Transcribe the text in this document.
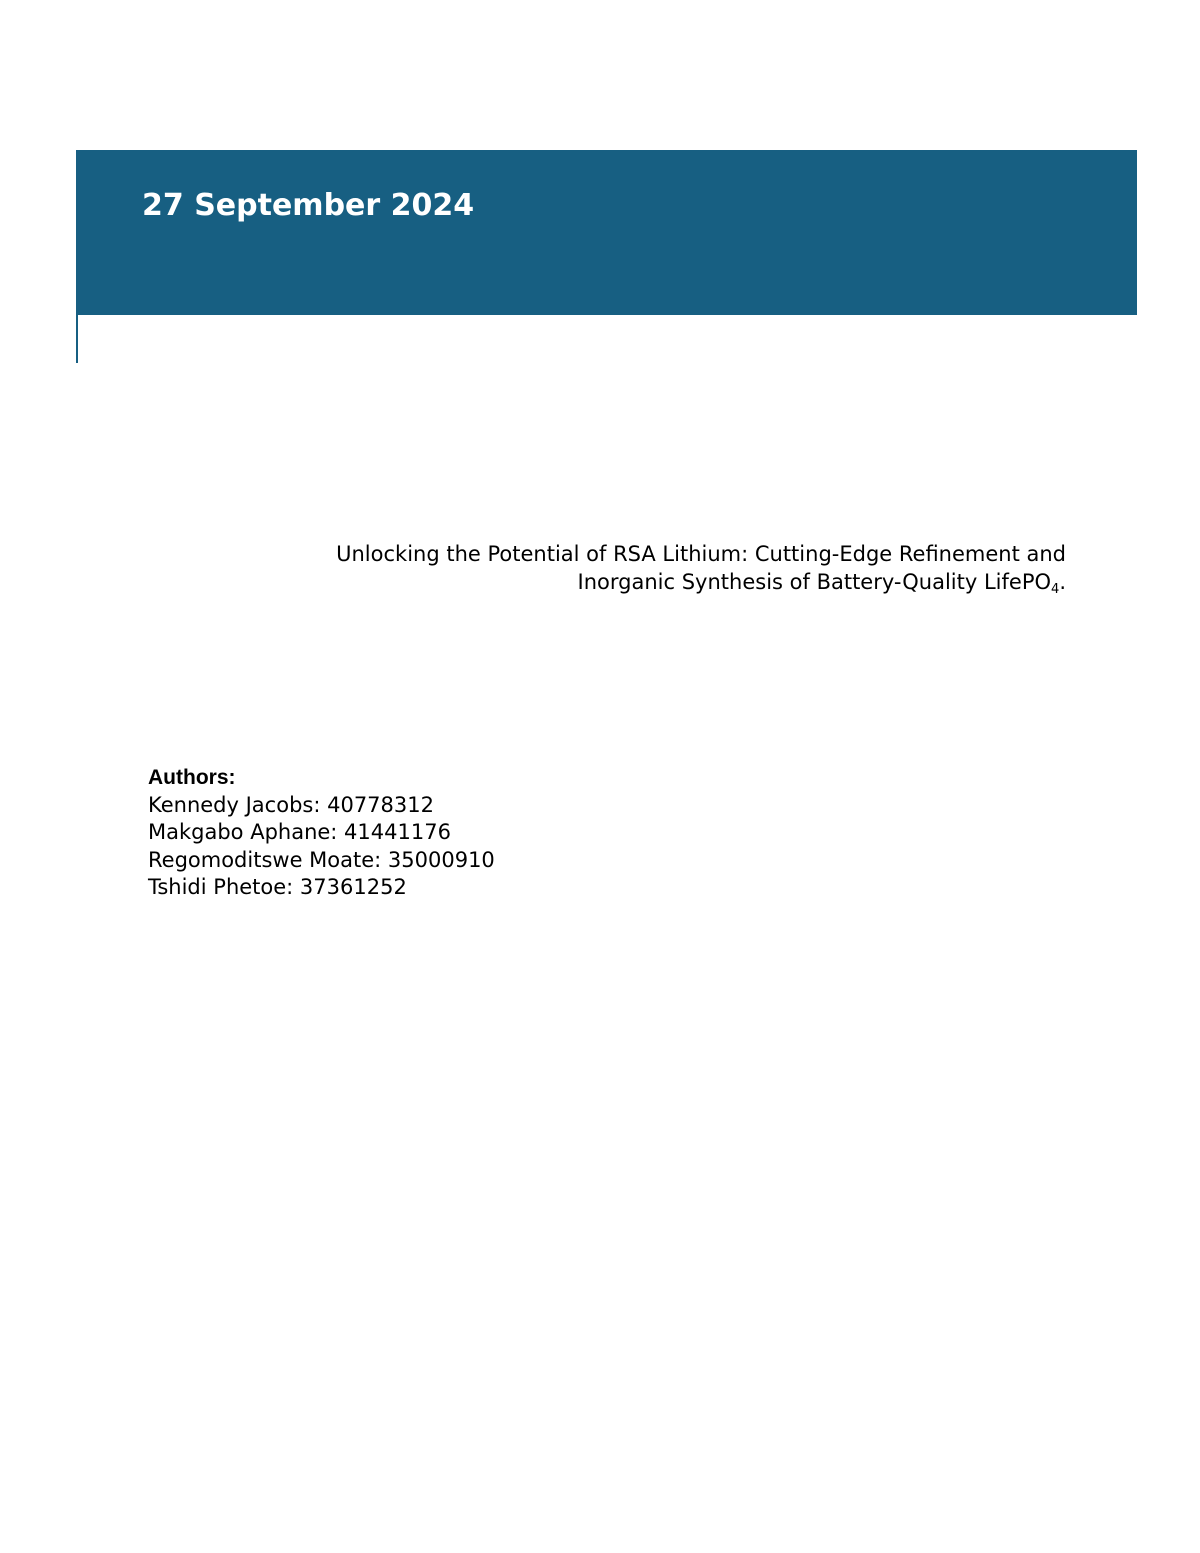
27 September 2024
Unlocking the Potential of RSA Lithium: Cutting-Edge Refinement and
Inorganic Synthesis of Battery-Quality LifePO$_4$.
Authors:
Kennedy Jacobs: 40778312
Makgabo Aphane: 41441176
Regomoditswe Moate: 35000910
Tshidi Phetoe: 37361252
